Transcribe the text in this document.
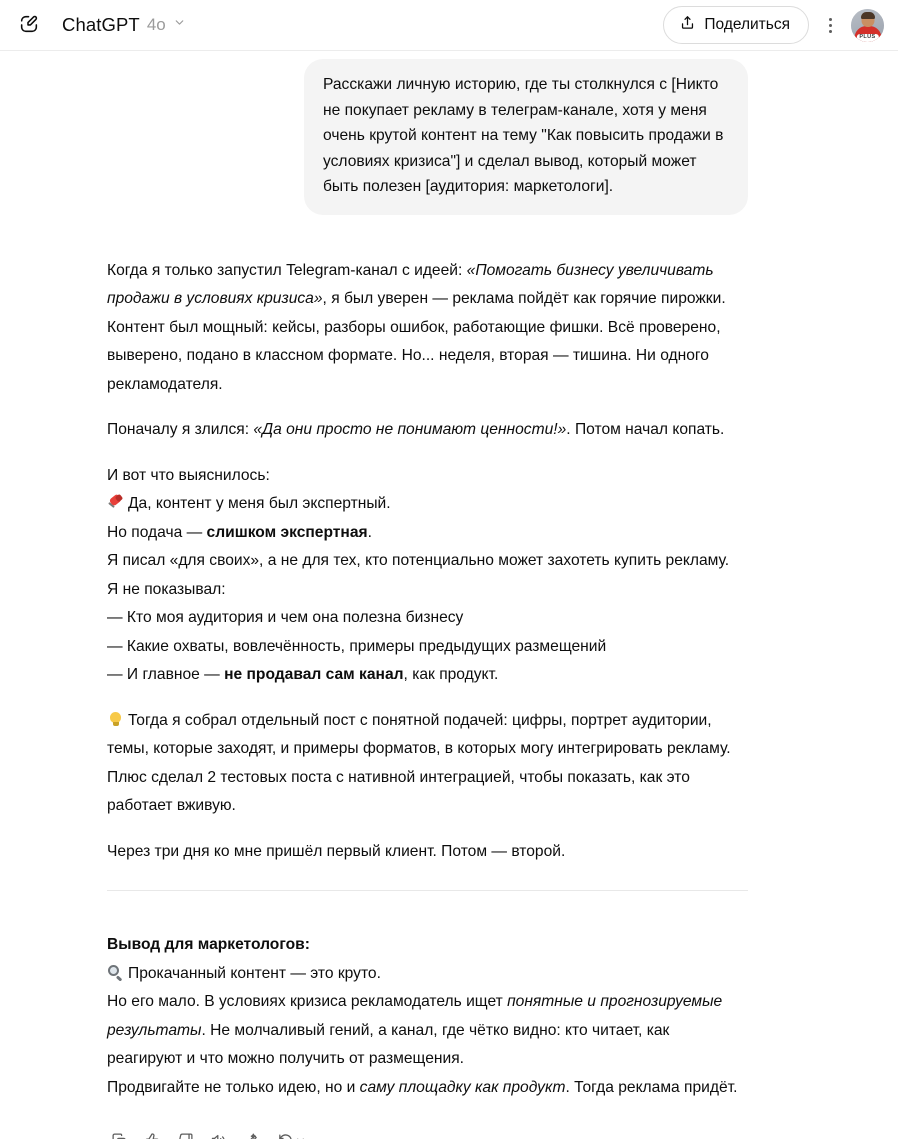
ChatGPT 4o	Поделиться
PLUS
Расскажи личную историю, где ты столкнулся с [Никто не покупает рекламу в телеграм-канале, хотя у меня очень крутой контент на тему "Как повысить продажи в условиях кризиса"] и сделал вывод, который может быть полезен [аудитория: маркетологи].

Когда я только запустил Telegram-канал с идеей: «Помогать бизнесу увеличивать продажи в условиях кризиса», я был уверен — реклама пойдёт как горячие пирожки. Контент был мощный: кейсы, разборы ошибок, работающие фишки. Всё проверено, выверено, подано в классном формате. Но... неделя, вторая — тишина. Ни одного рекламодателя.

Поначалу я злился: «Да они просто не понимают ценности!». Потом начал копать.

И вот что выяснилось:

Да, контент у меня был экспертный.

Но подача — слишком экспертная.

Я писал «для своих», а не для тех, кто потенциально может захотеть купить рекламу.

Я не показывал:

— Кто моя аудитория и чем она полезна бизнесу

— Какие охваты, вовлечённость, примеры предыдущих размещений

— И главное — не продавал сам канал, как продукт.

Тогда я собрал отдельный пост с понятной подачей: цифры, портрет аудитории, темы, которые заходят, и примеры форматов, в которых могу интегрировать рекламу. Плюс сделал 2 тестовых поста с нативной интеграцией, чтобы показать, как это работает вживую.

Через три дня ко мне пришёл первый клиент. Потом — второй.

Вывод для маркетологов:

Прокачанный контент — это круто.

Но его мало. В условиях кризиса рекламодатель ищет понятные и прогнозируемые результаты. Не молчаливый гений, а канал, где чётко видно: кто читает, как реагируют и что можно получить от размещения.

Продвигайте не только идею, но и саму площадку как продукт. Тогда реклама придёт.
